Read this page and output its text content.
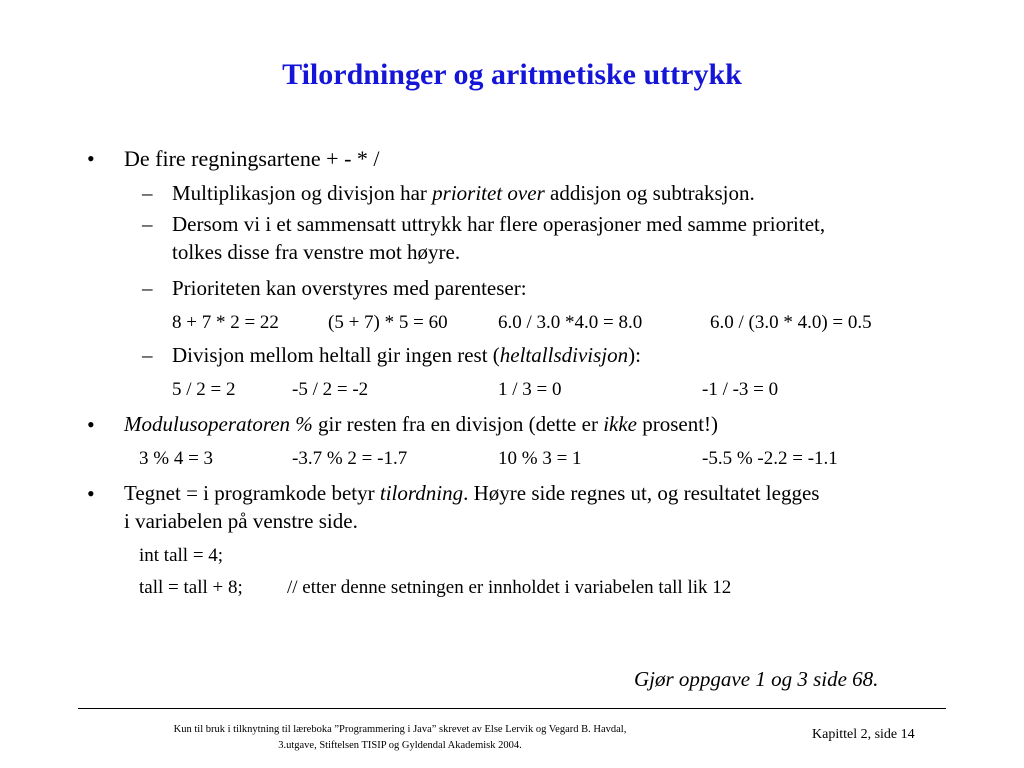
Tilordninger og aritmetiske uttrykk
• De fire regningsartene + - * /
– Multiplikasjon og divisjon har prioritet over addisjon og subtraksjon.
– Dersom vi i et sammensatt uttrykk har flere operasjoner med samme prioritet,
tolkes disse fra venstre mot høyre.
– Prioriteten kan overstyres med parenteser:
8 + 7 * 2 = 22	(5 + 7) * 5 = 60	6.0 / 3.0 *4.0 = 8.0	6.0 / (3.0 * 4.0) = 0.5
– Divisjon mellom heltall gir ingen rest (heltallsdivisjon):
5 / 2 = 2	-5 / 2 = -2	1 / 3 = 0	-1 / -3 = 0
• Modulusoperatoren % gir resten fra en divisjon (dette er ikke prosent!)
3 % 4 = 3	-3.7 % 2 = -1.7	10 % 3 = 1	-5.5 % -2.2 = -1.1
• Tegnet = i programkode betyr tilordning. Høyre side regnes ut, og resultatet legges
i variabelen på venstre side.
int tall = 4;
tall = tall + 8; // etter denne setningen er innholdet i variabelen tall lik 12
Gjør oppgave 1 og 3 side 68.
Kun til bruk i tilknytning til læreboka ”Programmering i Java” skrevet av Else Lervik og Vegard B. Havdal,
3.utgave, Stiftelsen TISIP og Gyldendal Akademisk 2004.
Kapittel 2, side 14
